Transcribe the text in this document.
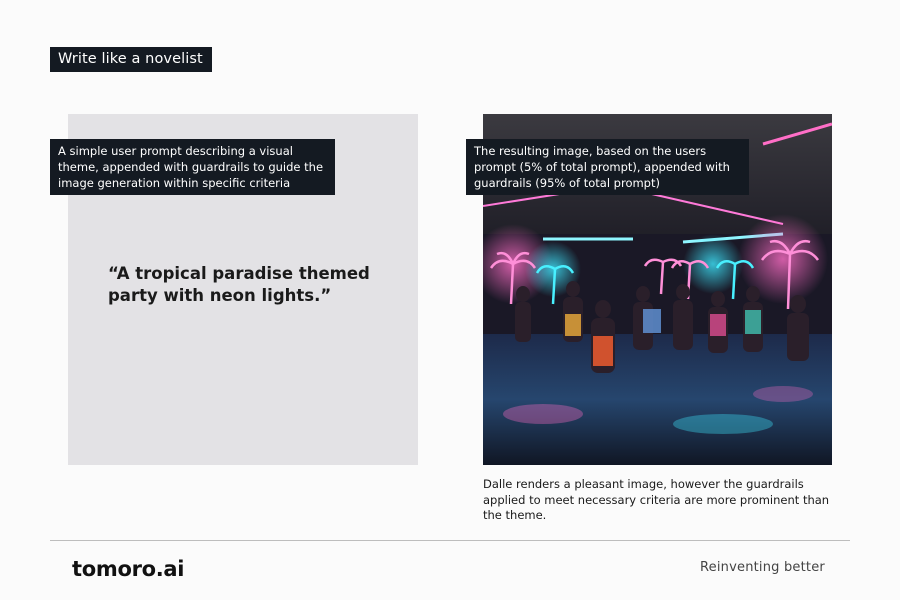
Write like a novelist
A simple user prompt describing a visual theme, appended with guardrails to guide the image generation within specific criteria
“A tropical paradise themed party with neon lights.”
The resulting image, based on the users prompt (5% of total prompt), appended with guardrails (95% of total prompt)
Dalle renders a pleasant image, however the guardrails applied to meet necessary criteria are more prominent than the theme.
tomoro.ai	Reinventing better
